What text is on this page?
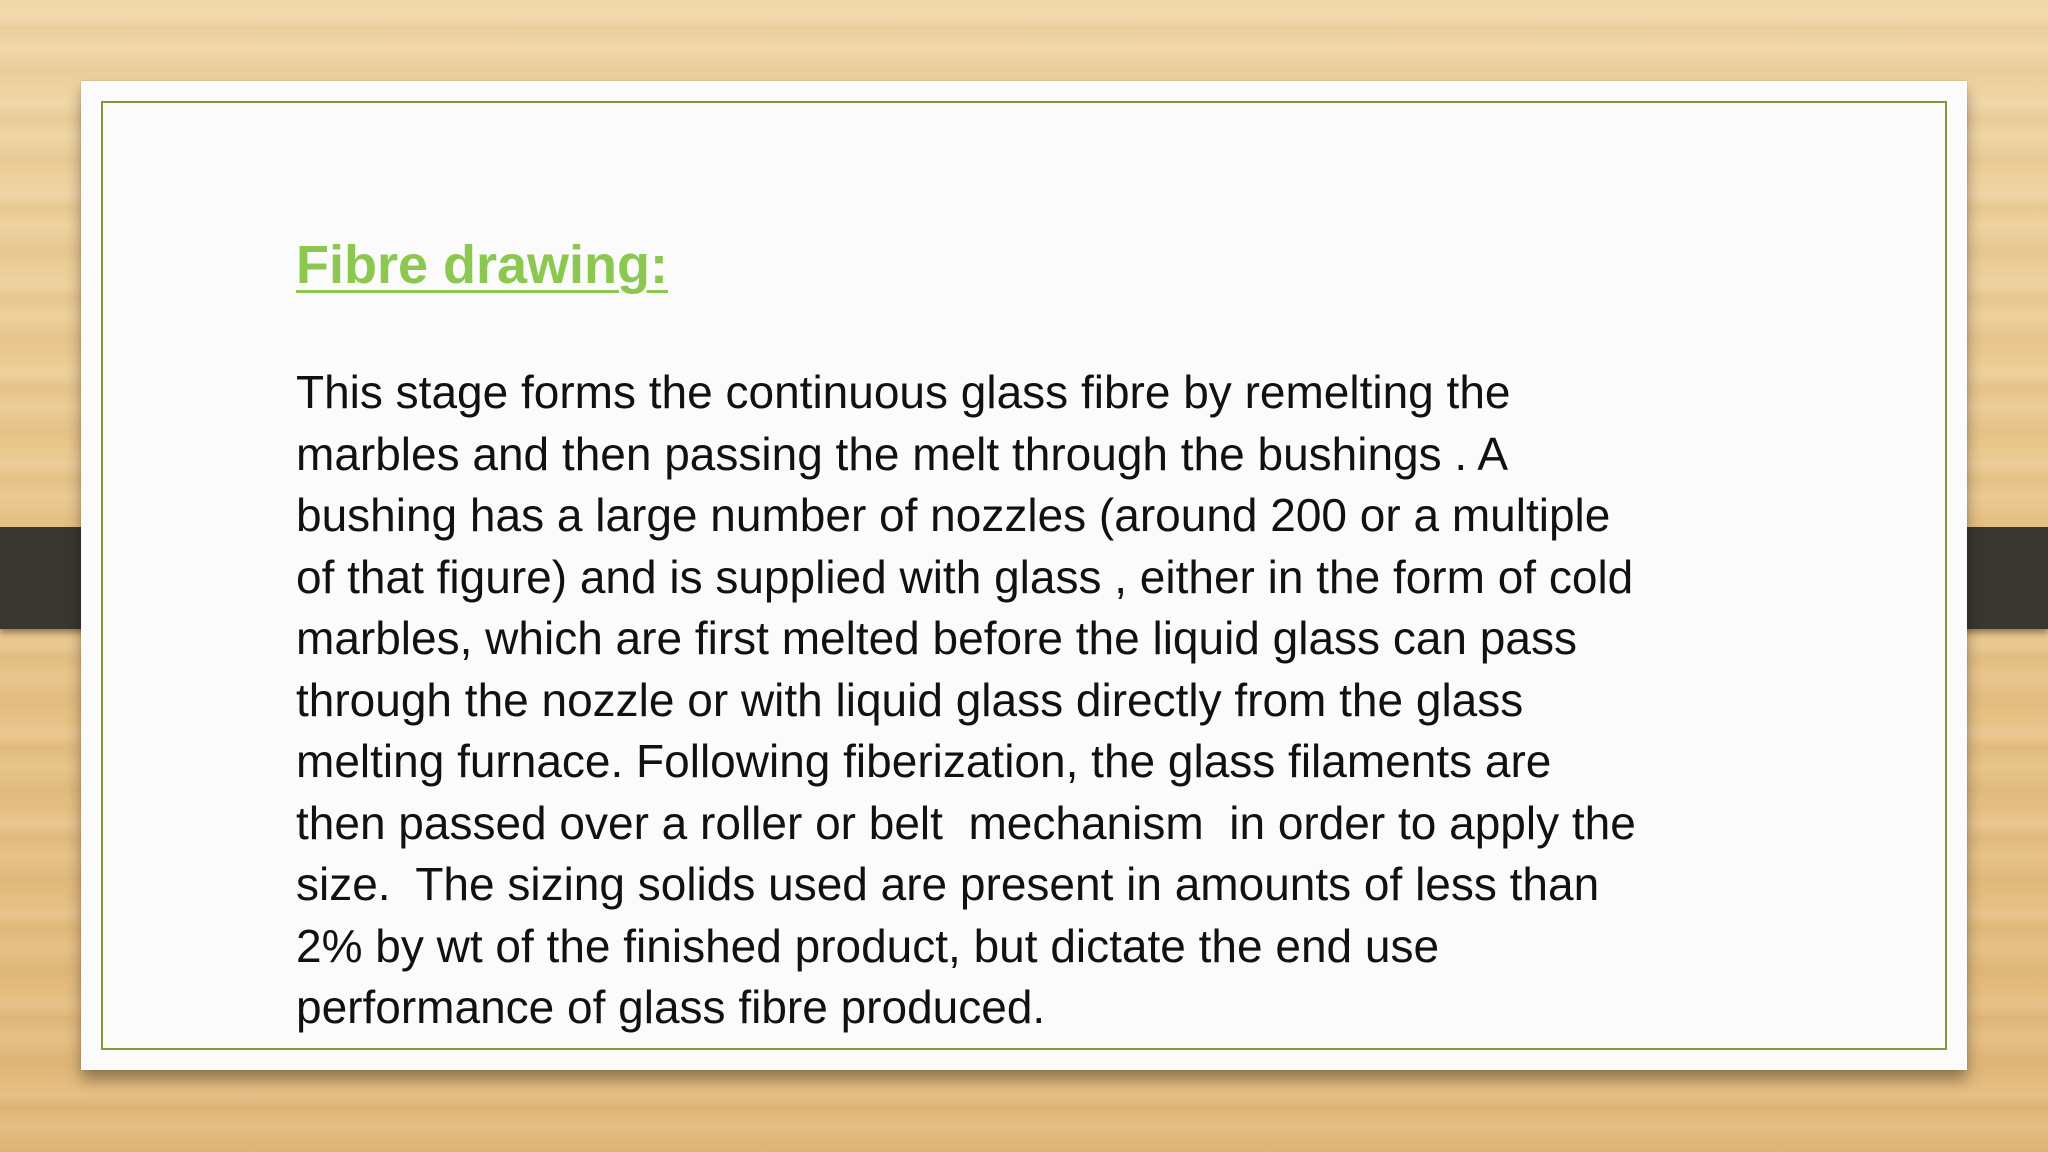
Fibre drawing:

This stage forms the continuous glass fibre by remelting the
marbles and then passing the melt through the bushings . A
bushing has a large number of nozzles (around 200 or a multiple
of that figure) and is supplied with glass , either in the form of cold
marbles, which are first melted before the liquid glass can pass
through the nozzle or with liquid glass directly from the glass
melting furnace. Following fiberization, the glass filaments are
then passed over a roller or belt  mechanism  in order to apply the
size.  The sizing solids used are present in amounts of less than
2% by wt of the finished product, but dictate the end use
performance of glass fibre produced.
